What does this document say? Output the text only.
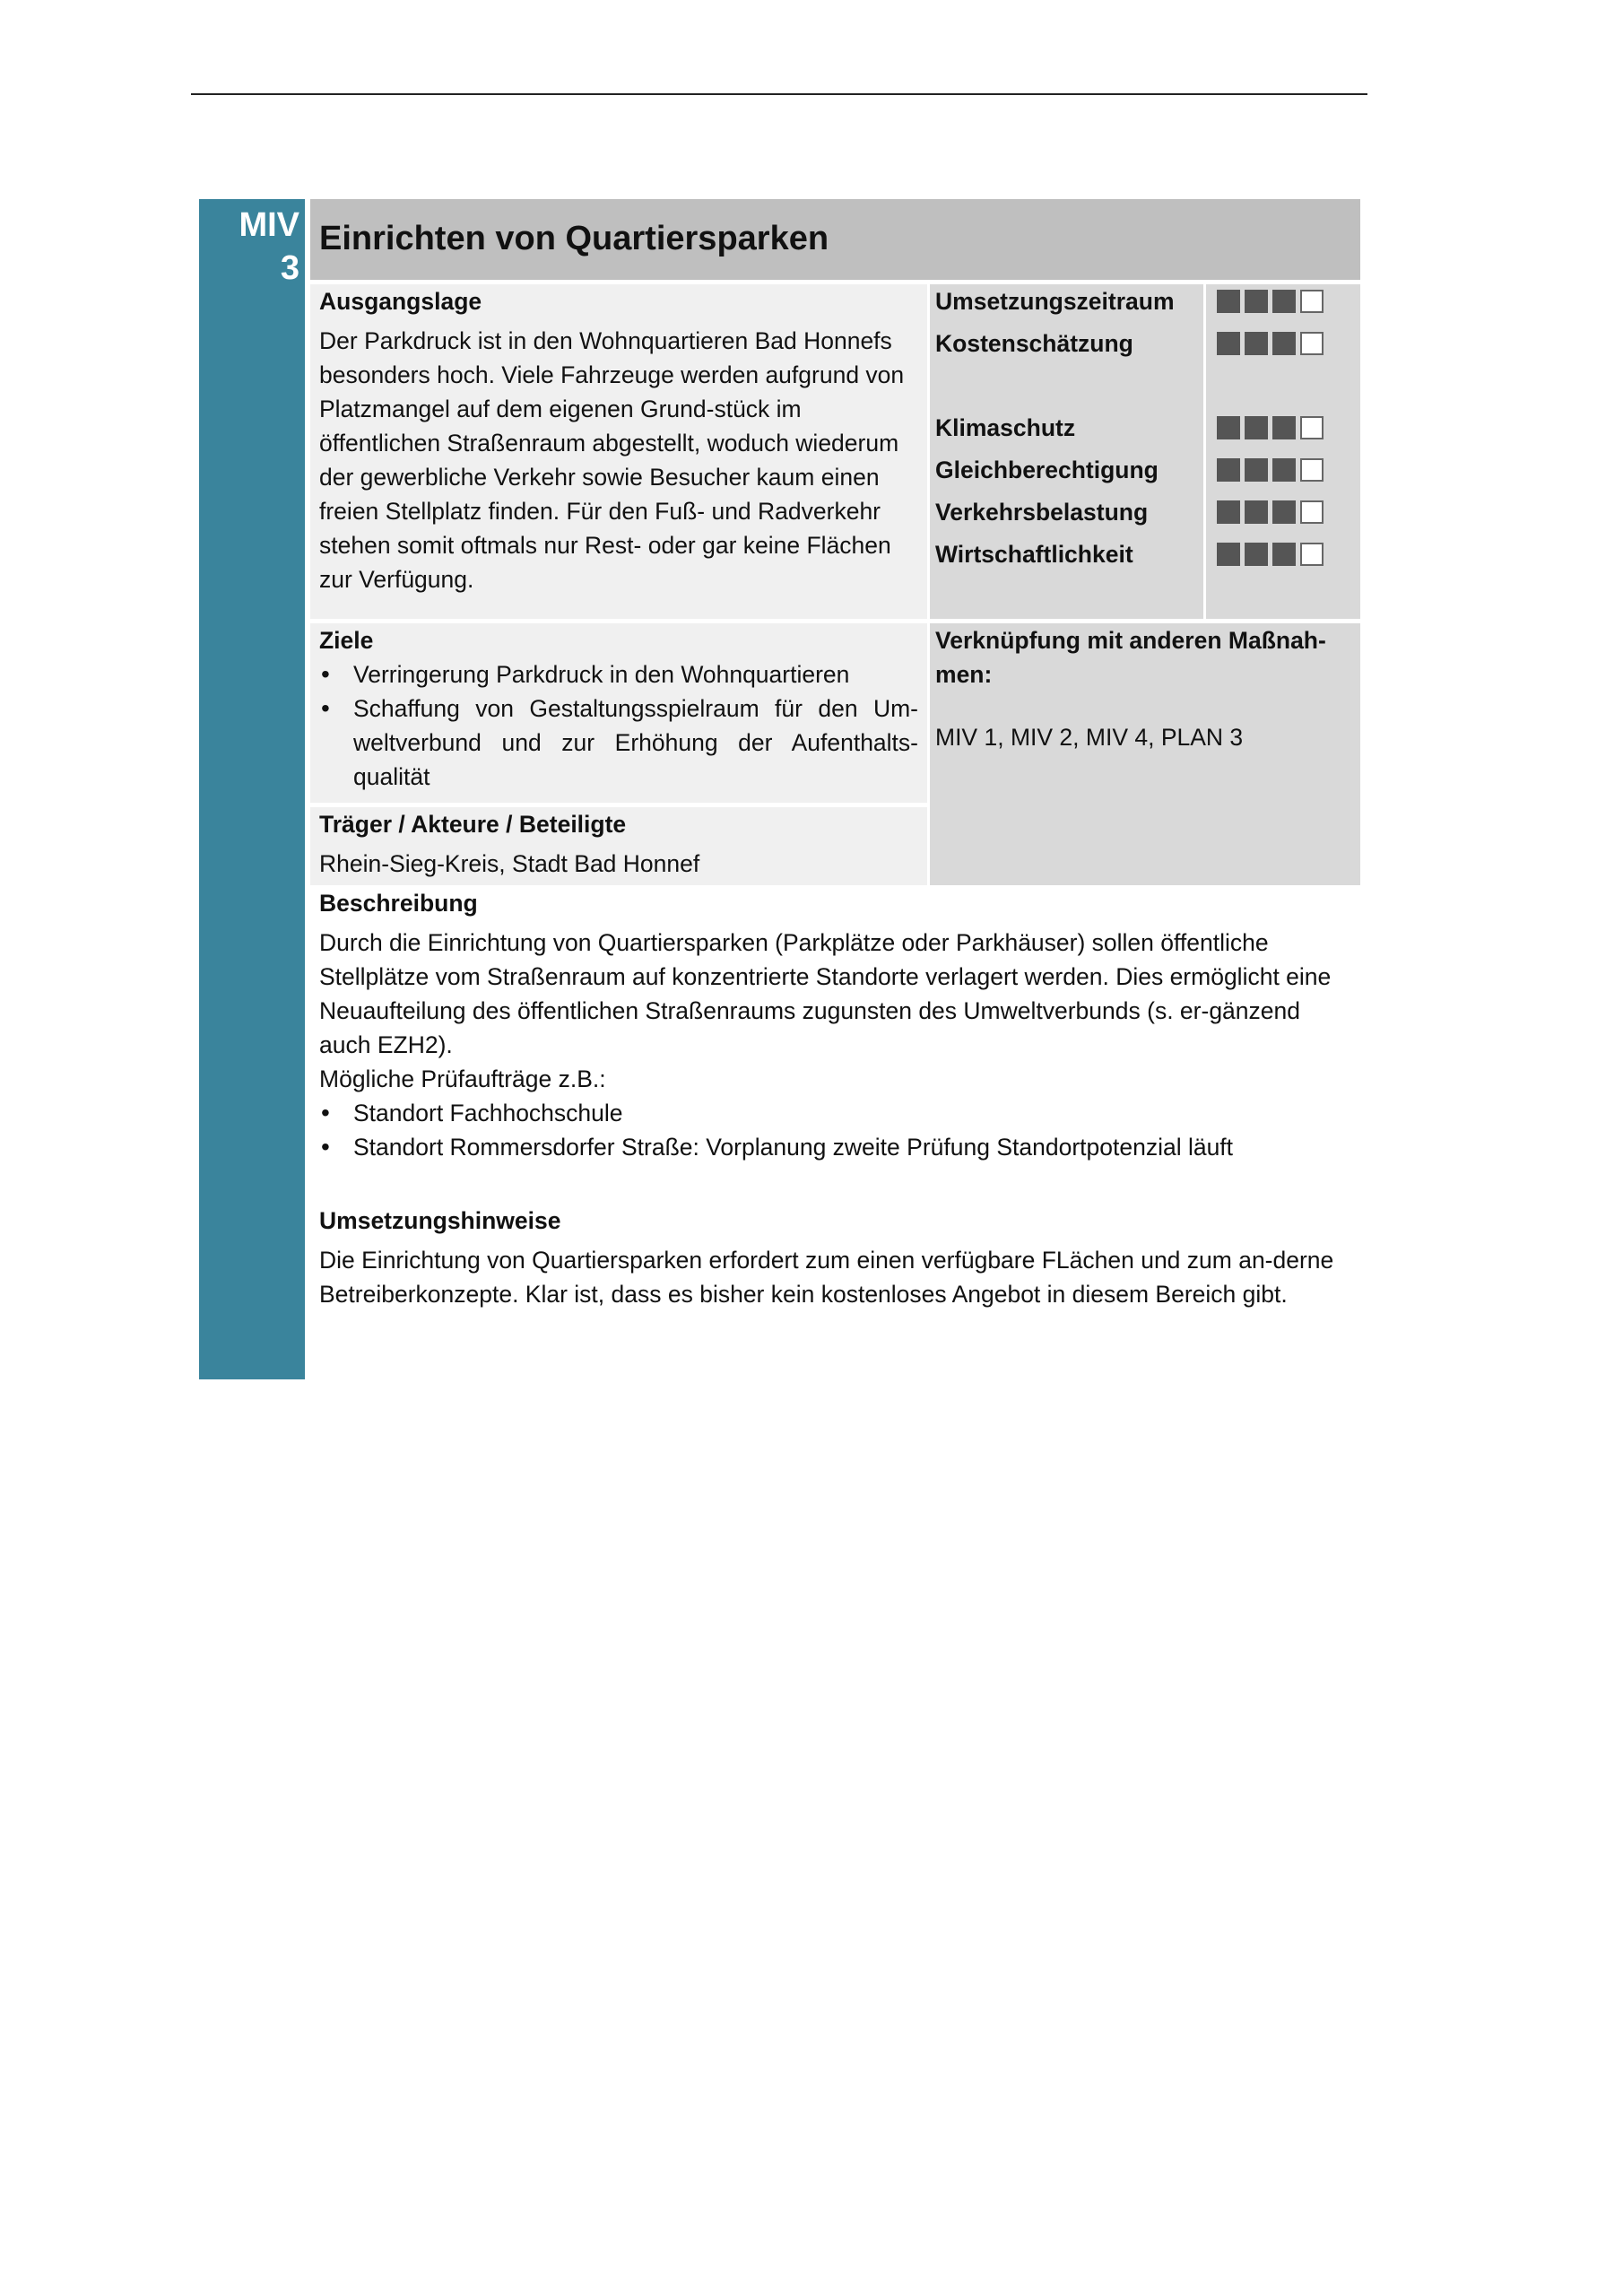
MIV
3
Einrichten von Quartiersparken
Ausgangslage

Der Parkdruck ist in den Wohnquartieren Bad Honnefs besonders hoch. Viele Fahrzeuge werden aufgrund von Platzmangel auf dem eigenen Grund-stück im öffentlichen Straßenraum abgestellt, woduch wiederum der gewerbliche Verkehr sowie Besucher kaum einen freien Stellplatz finden. Für den Fuß- und Radverkehr stehen somit oftmals nur Rest- oder gar keine Flächen zur Verfügung.

Umsetzungszeitraum
Kostenschätzung
Klimaschutz
Gleichberechtigung
Verkehrsbelastung
Wirtschaftlichkeit
Ziele
• Verringerung Parkdruck in den Wohnquartieren
• Schaffung von Gestaltungsspielraum für den Um-weltverbund und zur Erhöhung der Aufenthalts-qualität
Verknüpfung mit anderen Maßnah-men:

MIV 1, MIV 2, MIV 4, PLAN 3

Träger / Akteure / Beteiligte

Rhein-Sieg-Kreis, Stadt Bad Honnef

Beschreibung

Durch die Einrichtung von Quartiersparken (Parkplätze oder Parkhäuser) sollen öffentliche Stellplätze vom Straßenraum auf konzentrierte Standorte verlagert werden. Dies ermöglicht eine Neuaufteilung des öffentlichen Straßenraums zugunsten des Umweltverbunds (s. er-gänzend auch EZH2).

Mögliche Prüfaufträge z.B.:

• Standort Fachhochschule
• Standort Rommersdorfer Straße: Vorplanung zweite Prüfung Standortpotenzial läuft
Umsetzungshinweise

Die Einrichtung von Quartiersparken erfordert zum einen verfügbare FLächen und zum an-derne Betreiberkonzepte. Klar ist, dass es bisher kein kostenloses Angebot in diesem Bereich gibt.
